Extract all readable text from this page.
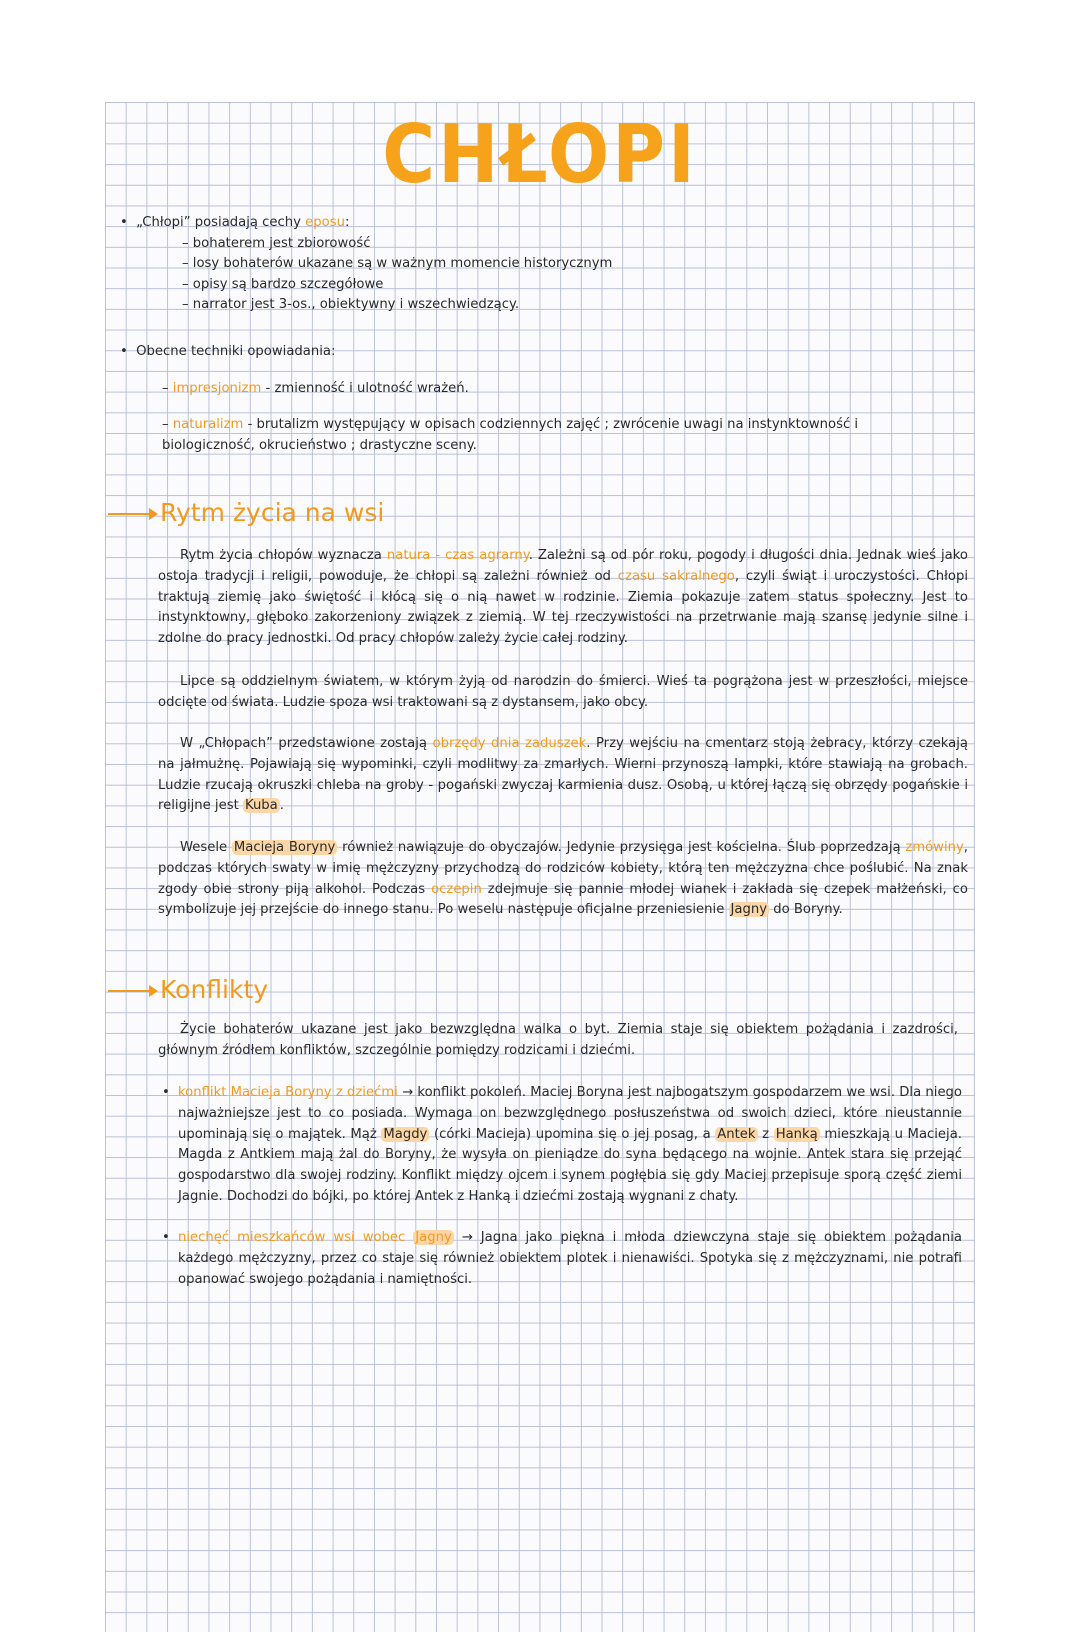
CHŁOPI
•  „Chłopi” posiadają cechy eposu:
– bohaterem jest zbiorowość
– losy bohaterów ukazane są w ważnym momencie historycznym
– opisy są bardzo szczegółowe
– narrator jest 3-os., obiektywny i wszechwiedzący.
•  Obecne techniki opowiadania:
– impresjonizm - zmienność i ulotność wrażeń.
– naturalizm - brutalizm występujący w opisach codziennych zajęć ; zwrócenie uwagi na instynktowność i biologiczność, okrucieństwo ; drastyczne sceny.
Rytm życia na wsi

Rytm życia chłopów wyznacza natura - czas agrarny. Zależni są od pór roku, pogody i długości dnia. Jednak wieś jako ostoja tradycji i religii, powoduje, że chłopi są zależni również od czasu sakralnego, czyli świąt i uroczystości. Chłopi traktują ziemię jako świętość i kłócą się o nią nawet w rodzinie. Ziemia pokazuje zatem status społeczny. Jest to instynktowny, głęboko zakorzeniony związek z ziemią. W tej rzeczywistości na przetrwanie mają szansę jedynie silne i zdolne do pracy jednostki. Od pracy chłopów zależy życie całej rodziny.

Lipce są oddzielnym światem, w którym żyją od narodzin do śmierci. Wieś ta pogrążona jest w przeszłości, miejsce odcięte od świata. Ludzie spoza wsi traktowani są z dystansem, jako obcy.

W „Chłopach” przedstawione zostają obrzędy dnia zaduszek. Przy wejściu na cmentarz stoją żebracy, którzy czekają na jałmużnę. Pojawiają się wypominki, czyli modlitwy za zmarłych. Wierni przynoszą lampki, które stawiają na grobach. Ludzie rzucają okruszki chleba na groby - pogański zwyczaj karmienia dusz. Osobą, u której łączą się obrzędy pogańskie i religijne jest Kuba .

Wesele Macieja Boryny również nawiązuje do obyczajów. Jedynie przysięga jest kościelna. Ślub poprzedzają zmówiny, podczas których swaty w imię mężczyzny przychodzą do rodziców kobiety, którą ten mężczyzna chce poślubić. Na znak zgody obie strony piją alkohol. Podczas oczepin zdejmuje się pannie młodej wianek i zakłada się czepek małżeński, co symbolizuje jej przejście do innego stanu. Po weselu następuje oficjalne przeniesienie Jagny do Boryny.

Konflikty

Życie bohaterów ukazane jest jako bezwzględna walka o byt. Ziemia staje się obiektem pożądania i zazdrości, głównym źródłem konfliktów, szczególnie pomiędzy rodzicami i dziećmi.

• konflikt Macieja Boryny z dziećmi → konflikt pokoleń. Maciej Boryna jest najbogatszym gospodarzem we wsi. Dla niego najważniejsze jest to co posiada. Wymaga on bezwzględnego posłuszeństwa od swoich dzieci, które nieustannie upominają się o majątek. Mąż Magdy (córki Macieja) upomina się o jej posag, a Antek z Hanką mieszkają u Macieja. Magda z Antkiem mają żal do Boryny, że wysyła on pieniądze do syna będącego na wojnie. Antek stara się przejąć gospodarstwo dla swojej rodziny. Konflikt między ojcem i synem pogłębia się gdy Maciej przepisuje sporą część ziemi Jagnie. Dochodzi do bójki, po której Antek z Hanką i dziećmi zostają wygnani z chaty.
• niechęć mieszkańców wsi wobec Jagny → Jagna jako piękna i młoda dziewczyna staje się obiektem pożądania każdego mężczyzny, przez co staje się również obiektem plotek i nienawiści. Spotyka się z mężczyznami, nie potrafi opanować swojego pożądania i namiętności.
